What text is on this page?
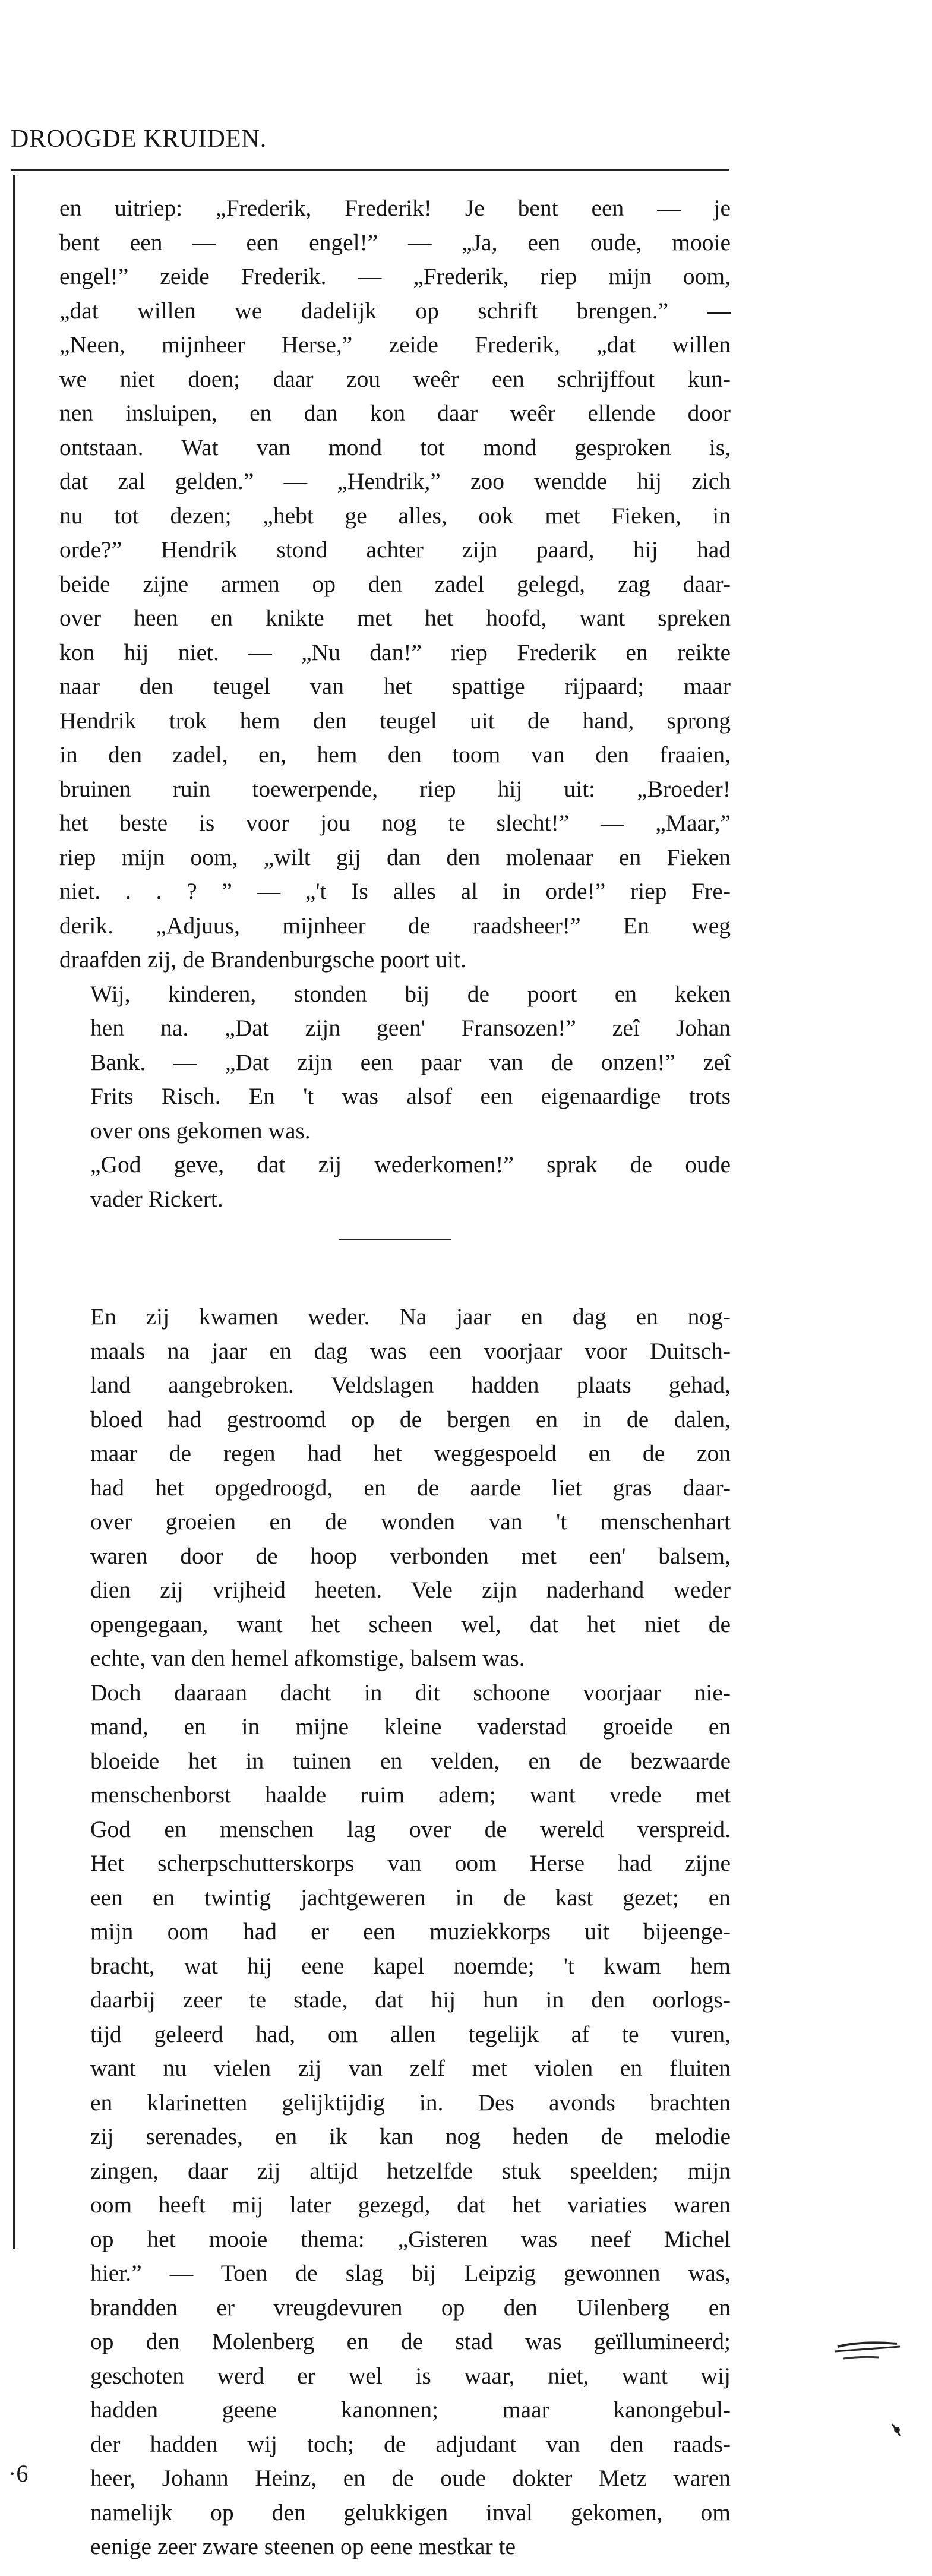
DROOGDE KRUIDEN.

en uitriep: „Frederik, Frederik! Je bent een — je
bent een — een engel!” — „Ja, een oude, mooie
engel!” zeide Frederik. — „Frederik, riep mijn oom,
„dat willen we dadelijk op schrift brengen.” —
„Neen, mijnheer Herse,” zeide Frederik, „dat willen
we niet doen; daar zou weêr een schrijffout kun-
nen insluipen, en dan kon daar weêr ellende door
ontstaan. Wat van mond tot mond gesproken is,
dat zal gelden.” — „Hendrik,” zoo wendde hij zich
nu tot dezen; „hebt ge alles, ook met Fieken, in
orde?” Hendrik stond achter zijn paard, hij had
beide zijne armen op den zadel gelegd, zag daar-
over heen en knikte met het hoofd, want spreken
kon hij niet. — „Nu dan!” riep Frederik en reikte
naar den teugel van het spattige rijpaard; maar
Hendrik trok hem den teugel uit de hand, sprong
in den zadel, en, hem den toom van den fraaien,
bruinen ruin toewerpende, riep hij uit: „Broeder!
het beste is voor jou nog te slecht!” — „Maar,”
riep mijn oom, „wilt gij dan den molenaar en Fieken
niet. . . ? ” — „'t Is alles al in orde!” riep Fre-
derik. „Adjuus, mijnheer de raadsheer!” En weg
draafden zij, de Brandenburgsche poort uit.

Wij, kinderen, stonden bij de poort en keken
hen na. „Dat zijn geen' Fransozen!” zeî Johan
Bank. — „Dat zijn een paar van de onzen!” zeî
Frits Risch. En 't was alsof een eigenaardige trots
over ons gekomen was.

„God geve, dat zij wederkomen!” sprak de oude
vader Rickert.

En zij kwamen weder. Na jaar en dag en nog-
maals na jaar en dag was een voorjaar voor Duitsch-
land aangebroken. Veldslagen hadden plaats gehad,
bloed had gestroomd op de bergen en in de dalen,
maar de regen had het weggespoeld en de zon
had het opgedroogd, en de aarde liet gras daar-
over groeien en de wonden van 't menschenhart
waren door de hoop verbonden met een' balsem,
dien zij vrijheid heeten. Vele zijn naderhand weder
opengegaan, want het scheen wel, dat het niet de
echte, van den hemel afkomstige, balsem was.

Doch daaraan dacht in dit schoone voorjaar nie-
mand, en in mijne kleine vaderstad groeide en
bloeide het in tuinen en velden, en de bezwaarde
menschenborst haalde ruim adem; want vrede met
God en menschen lag over de wereld verspreid.
Het scherpschutterskorps van oom Herse had zijne
een en twintig jachtgeweren in de kast gezet; en
mijn oom had er een muziekkorps uit bijeenge-
bracht, wat hij eene kapel noemde; 't kwam hem
daarbij zeer te stade, dat hij hun in den oorlogs-
tijd geleerd had, om allen tegelijk af te vuren,
want nu vielen zij van zelf met violen en fluiten
en klarinetten gelijktijdig in. Des avonds brachten
zij serenades, en ik kan nog heden de melodie
zingen, daar zij altijd hetzelfde stuk speelden; mijn
oom heeft mij later gezegd, dat het variaties waren
op het mooie thema: „Gisteren was neef Michel
hier.” — Toen de slag bij Leipzig gewonnen was,
brandden er vreugdevuren op den Uilenberg en
op den Molenberg en de stad was geïllumineerd;
geschoten werd er wel is waar, niet, want wij
hadden geene kanonnen; maar kanongebul-
der hadden wij toch; de adjudant van den raads-
heer, Johann Heinz, en de oude dokter Metz waren
namelijk op den gelukkigen inval gekomen, om
eenige zeer zware steenen op eene mestkar te

·6
